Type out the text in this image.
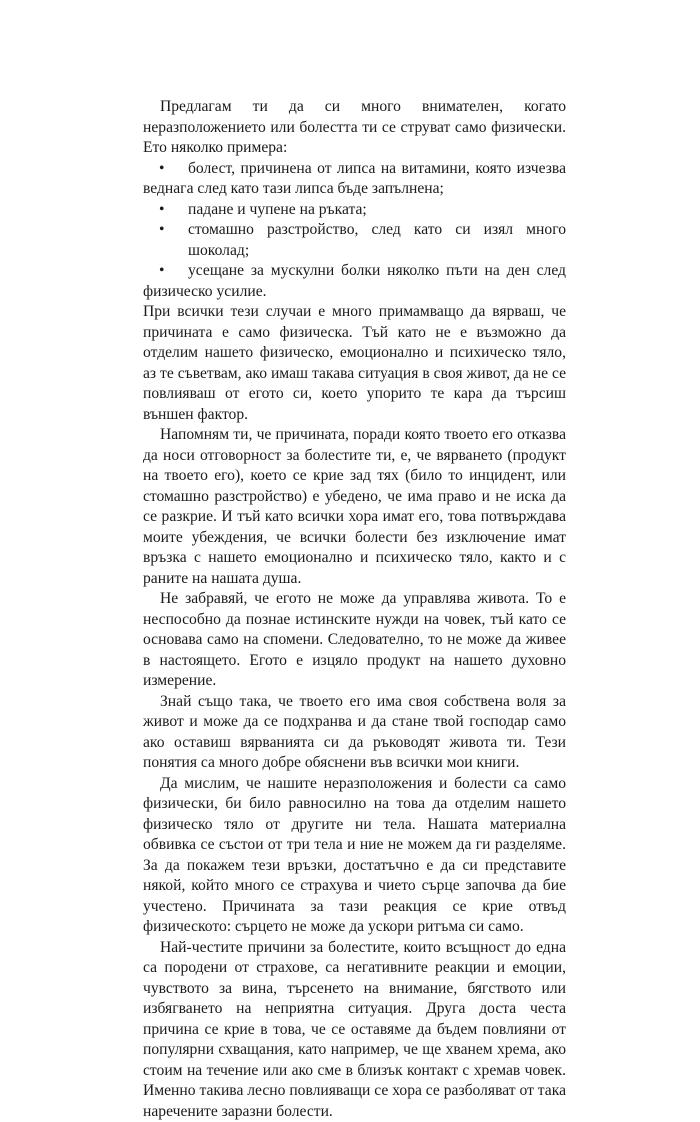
Предлагам ти да си много внимателен, когато неразположението или болестта ти се струват само физически. Ето няколко примера:

• болест, причинена от липса на витамини, която изчезва веднага след като тази липса бъде запълнена;
• падане и чупене на ръката;
• стомашно разстройство, след като си изял много шоколад;
• усещане за мускулни болки няколко пъти на ден след физическо усилие.

При всички тези случаи е много примамващо да вярваш, че причината е само физическа. Тъй като не е възможно да отделим нашето физическо, емоционално и психическо тяло, аз те съветвам, ако имаш такава ситуация в своя живот, да не се повлияваш от егото си, което упорито те кара да търсиш външен фактор.

Напомням ти, че причината, поради която твоето его отказва да носи отговорност за болестите ти, е, че вярването (продукт на твоето его), което се крие зад тях (било то инцидент, или стомашно разстройство) е убедено, че има право и не иска да се разкрие. И тъй като всички хора имат его, това потвърждава моите убеждения, че всички болести без изключение имат връзка с нашето емоционално и психическо тяло, както и с раните на нашата душа.

Не забравяй, че егото не може да управлява живота. То е неспособно да познае истинските нужди на човек, тъй като се основава само на спомени. Следователно, то не може да живее в настоящето. Егото е изцяло продукт на нашето духовно измерение.

Знай също така, че твоето его има своя собствена воля за живот и може да се подхранва и да стане твой господар само ако оставиш вярванията си да ръководят живота ти. Тези понятия са много добре обяснени във всички мои книги.

Да мислим, че нашите неразположения и болести са само физически, би било равносилно на това да отделим нашето физическо тяло от другите ни тела. Нашата материална обвивка се състои от три тела и ние не можем да ги разделяме. За да покажем тези връзки, достатъчно е да си представите някой, който много се страхува и чието сърце започва да бие учестено. Причината за тази реакция се крие отвъд физическото: сърцето не може да ускори ритъма си само.

Най-честите причини за болестите, които всъщност до една са породени от страхове, са негативните реакции и емоции, чувството за вина, търсенето на внимание, бягството или избягването на неприятна ситуация. Друга доста честа причина се крие в това, че се оставяме да бъдем повлияни от популярни схващания, като например, че ще хванем хрема, ако стоим на течение или ако сме в близък контакт с хремав човек. Именно такива лесно повлияващи се хора се разболяват от така наречените заразни болести.
